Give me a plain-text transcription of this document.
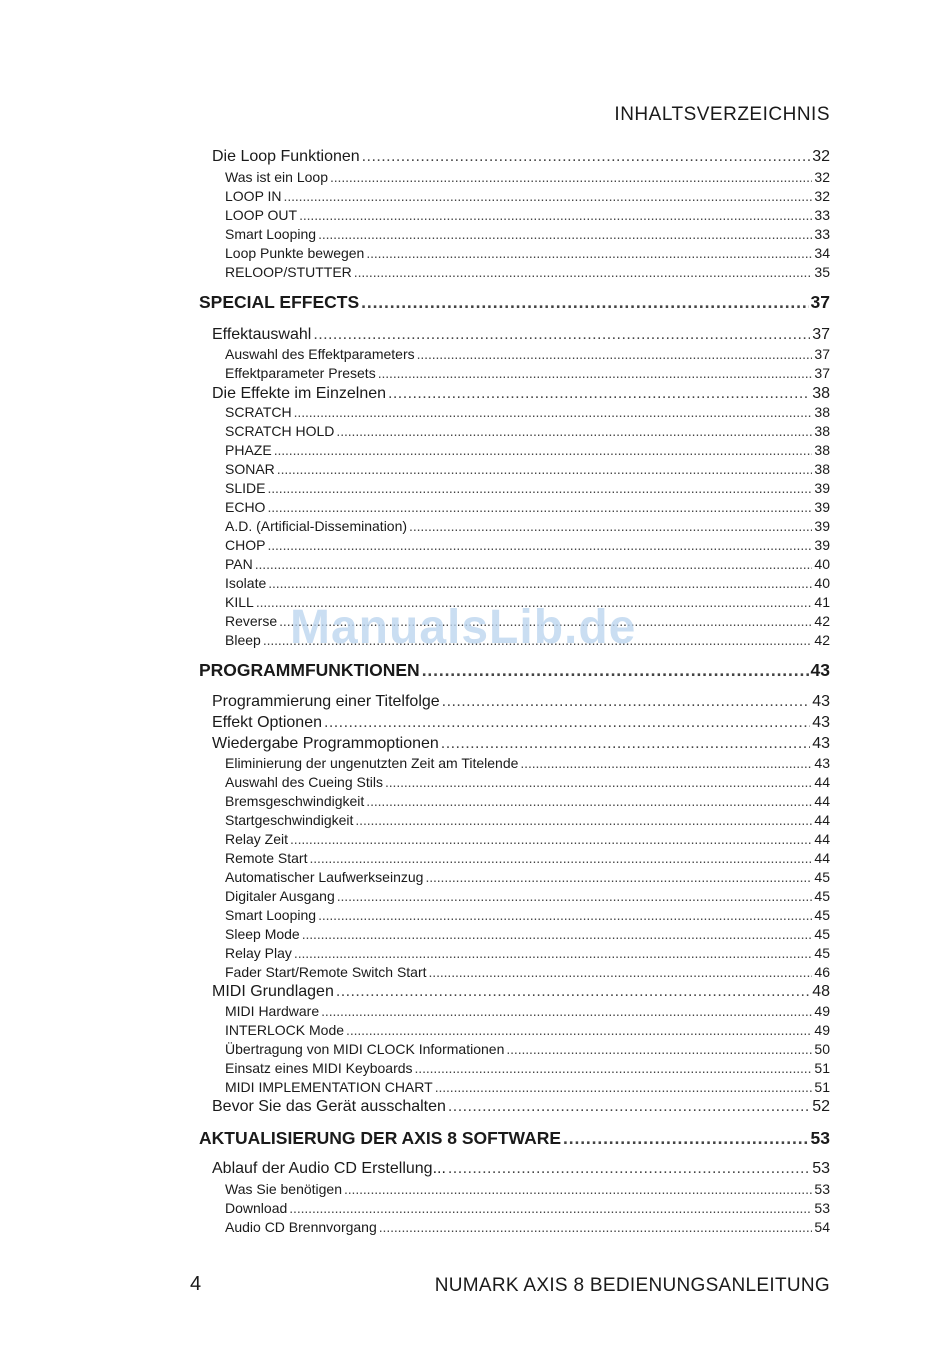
INHALTSVERZEICHNIS
Die Loop Funktionen . . .	32
Was ist ein Loop . . .	32
LOOP IN . . .	32
LOOP OUT . . .	33
Smart Looping . . .	33
Loop Punkte bewegen . . .	34
RELOOP/STUTTER . . .	35
SPECIAL EFFECTS . . .	37
Effektauswahl . . .	37
Auswahl des Effektparameters . . .	37
Effektparameter Presets . . .	37
Die Effekte im Einzelnen . . .	38
SCRATCH . . .	38
SCRATCH HOLD . . .	38
PHAZE . . .	38
SONAR . . .	38
SLIDE . . .	39
ECHO . . .	39
A.D. (Artificial-Dissemination) . . .	39
CHOP . . .	39
PAN . . .	40
Isolate . . .	40
KILL . . .	41
Reverse . . .	42
Bleep . . .	42
PROGRAMMFUNKTIONEN . . .	43
Programmierung einer Titelfolge . . .	43
Effekt Optionen . . .	43
Wiedergabe Programmoptionen . . .	43
Eliminierung der ungenutzten Zeit am Titelende . . .	43
Auswahl des Cueing Stils . . .	44
Bremsgeschwindigkeit . . .	44
Startgeschwindigkeit . . .	44
Relay Zeit . . .	44
Remote Start . . .	44
Automatischer Laufwerkseinzug . . .	45
Digitaler Ausgang . . .	45
Smart Looping . . .	45
Sleep Mode . . .	45
Relay Play . . .	45
Fader Start/Remote Switch Start . . .	46
MIDI Grundlagen . . .	48
MIDI Hardware . . .	49
INTERLOCK Mode . . .	49
Übertragung von MIDI CLOCK Informationen . . .	50
Einsatz eines MIDI Keyboards . . .	51
MIDI IMPLEMENTATION CHART . . .	51
Bevor Sie das Gerät ausschalten . . .	52
AKTUALISIERUNG DER AXIS 8 SOFTWARE . . .	53
Ablauf der Audio CD Erstellung... . . .	53
Was Sie benötigen . . .	53
Download . . .	53
Audio CD Brennvorgang . . .	54
ManualsLib.de
4	NUMARK AXIS 8 BEDIENUNGSANLEITUNG
